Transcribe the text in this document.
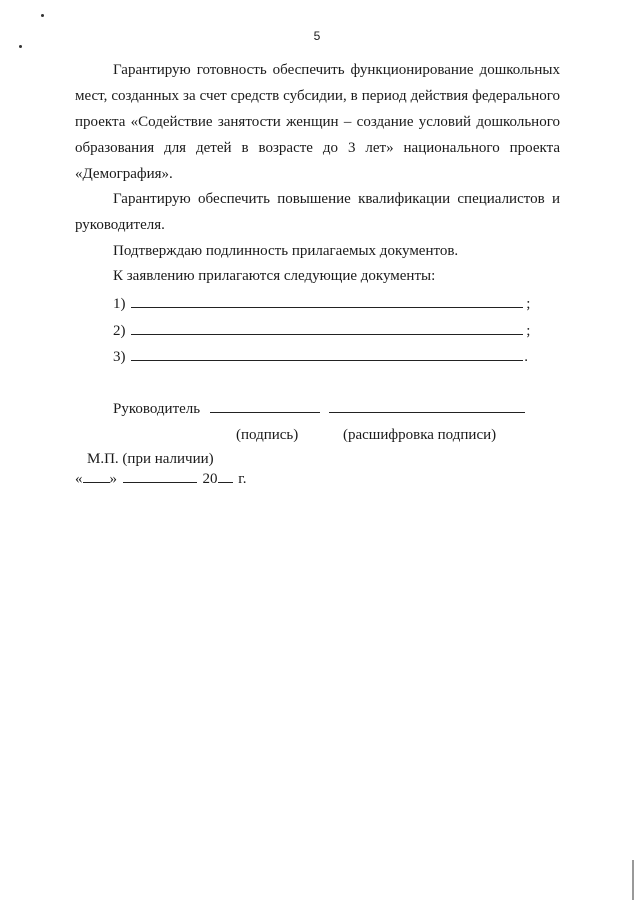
5

Гарантирую готовность обеспечить функционирование дошкольных мест, созданных за счет средств субсидии, в период действия федерального проекта «Содействие занятости женщин – создание условий дошкольного образования для детей в возрасте до 3 лет» национального проекта «Демография».

Гарантирую обеспечить повышение квалификации специалистов и руководителя.

Подтверждаю подлинность прилагаемых документов.
К заявлению прилагаются следующие документы:
1)	;
2)	;
3)	.
Руководитель
(подпись)	(расшифровка подписи)
М.П. (при наличии)
« »	20 г.
